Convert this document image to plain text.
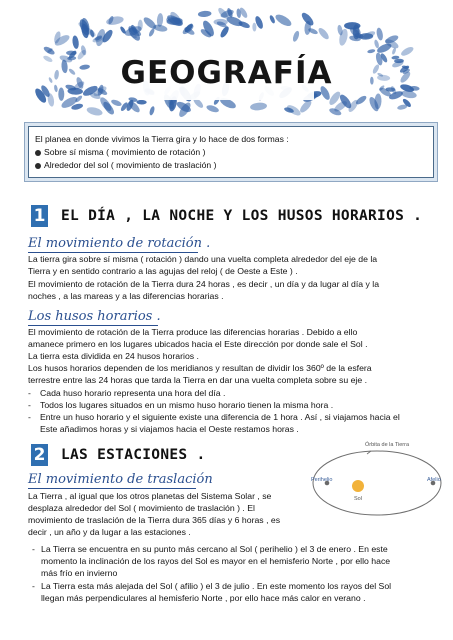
GEOGRAFÍA

El planea en donde vivimos la Tierra gira y lo hace de dos formas :

Sobre sí misma ( movimiento de rotación )

Alrededor del sol ( movimiento de traslación )

1 EL DÍA , LA NOCHE Y LOS HUSOS HORARIOS .
El movimiento de rotación .

La tierra gira sobre sí misma ( rotación ) dando una vuelta completa alrededor del eje de la

Tierra y en sentido contrario a las agujas del reloj ( de Oeste a Este ) .

El movimiento de rotación de la Tierra dura 24 horas , es decir , un día y da lugar al día y la

noches , a las mareas y a las diferencias horarias .

Los husos horarios .

El movimiento de rotación de la Tierra produce las diferencias horarias . Debido a ello

amanece primero en los lugares ubicados hacia el Este dirección por donde sale el Sol .

La tierra esta dividida en 24 husos horarios .

Los husos horarios dependen de los meridianos y resultan de dividir los 360º de la esfera

terrestre entre las 24 horas que tarda la Tierra en dar una vuelta completa sobre su eje .

- Cada huso horario representa una hora del día .

- Todos los lugares situados en un mismo huso horario tienen la misma hora .

- Entre un huso horario y el siguiente existe una diferencia de 1 hora . Así , si viajamos hacia el

Este añadimos horas y si viajamos hacia el Oeste restamos horas .

2 LAS ESTACIONES .
El movimiento de traslación

La Tierra , al igual que los otros planetas del Sistema Solar , se

desplaza alrededor del Sol ( movimiento de traslación ) . El

movimiento de traslación de la Tierra dura 365 días y 6 horas , es

decir , un año y da lugar a las estaciones .

- La Tierra se encuentra en su punto más cercano al Sol ( perihelio ) el 3 de enero . En este

momento la inclinación de los rayos del Sol es mayor en el hemisferio Norte , por ello hace

más frío en invierno

- La Tierra esta más alejada del Sol ( afilio ) el 3 de julio . En este momento los rayos del Sol

llegan más perpendiculares al hemisferio Norte , por ello hace más calor en verano .

Órbita de la Tierra
Perihelio	Afelio
Sol
